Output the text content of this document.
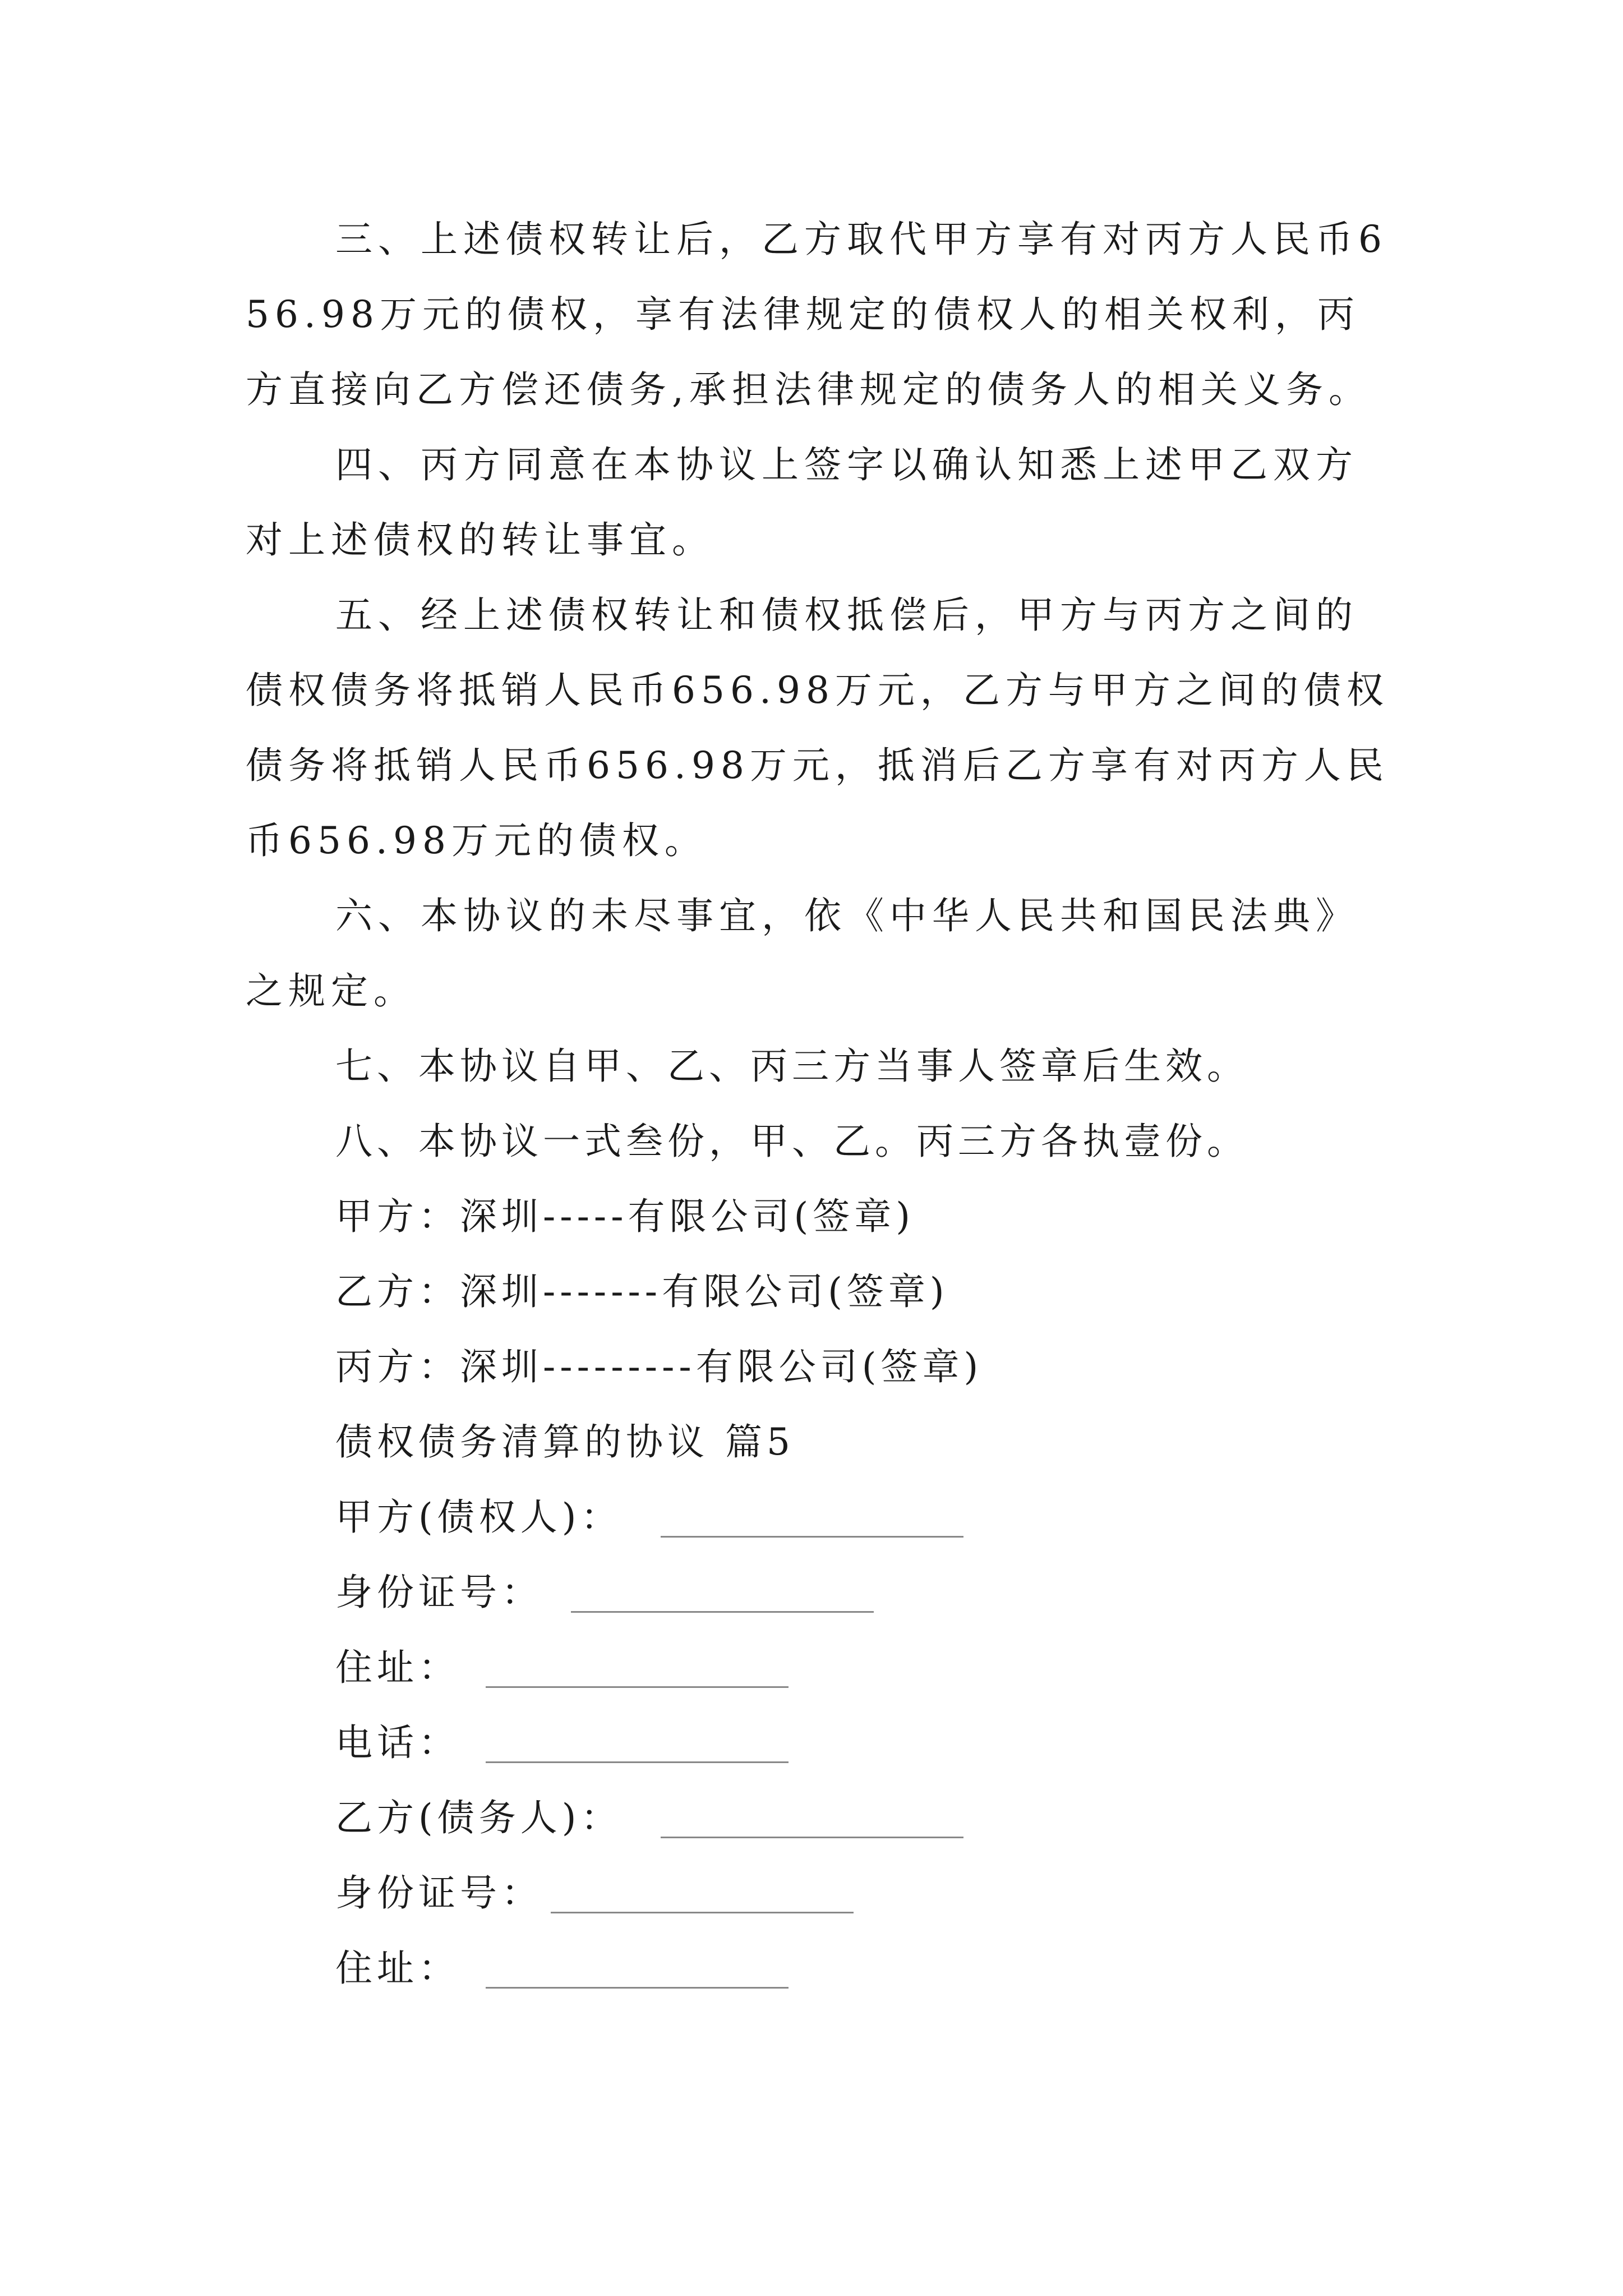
三、上述债权转让后，乙方取代甲方享有对丙方人民币656.98万元的债权，享有法律规定的债权人的相关权利，丙方直接向乙方偿还债务,承担法律规定的债务人的相关义务。

四、丙方同意在本协议上签字以确认知悉上述甲乙双方对上述债权的转让事宜。

五、经上述债权转让和债权抵偿后，甲方与丙方之间的债权债务将抵销人民币656.98万元，乙方与甲方之间的债权债务将抵销人民币656.98万元，抵消后乙方享有对丙方人民币656.98万元的债权。

六、本协议的未尽事宜，依《中华人民共和国民法典》之规定。

七、本协议自甲、乙、丙三方当事人签章后生效。

八、本协议一式叁份，甲、乙。丙三方各执壹份。

甲方：深圳-----有限公司(签章)

乙方：深圳-------有限公司(签章)

丙方：深圳---------有限公司(签章)

债权债务清算的协议 篇5

甲方(债权人)：

身份证号：

住址：

电话：

乙方(债务人)：

身份证号：

住址：
